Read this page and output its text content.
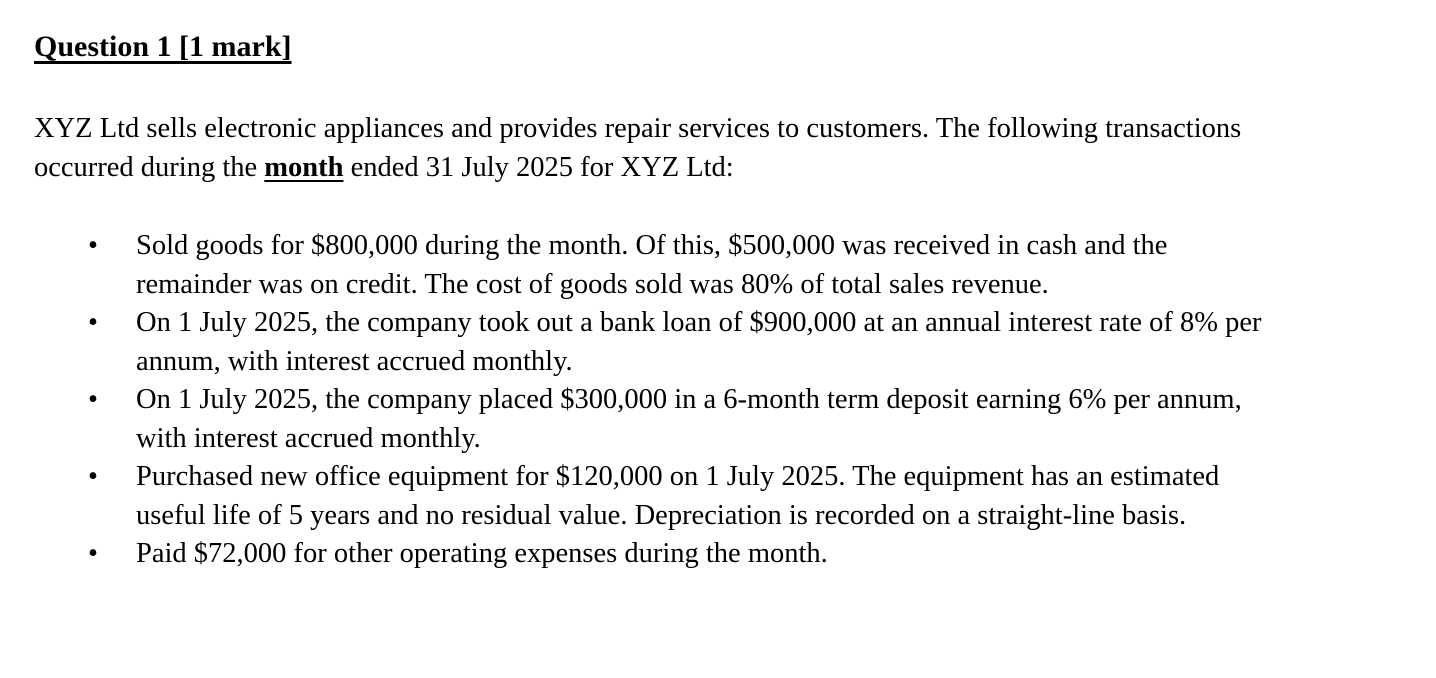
Question 1 [1 mark]

XYZ Ltd sells electronic appliances and provides repair services to customers. The following transactions occurred during the month ended 31 July 2025 for XYZ Ltd:

• Sold goods for $800,000 during the month. Of this, $500,000 was received in cash and the remainder was on credit. The cost of goods sold was 80% of total sales revenue.
• On 1 July 2025, the company took out a bank loan of $900,000 at an annual interest rate of 8% per annum, with interest accrued monthly.
• On 1 July 2025, the company placed $300,000 in a 6-month term deposit earning 6% per annum, with interest accrued monthly.
• Purchased new office equipment for $120,000 on 1 July 2025. The equipment has an estimated useful life of 5 years and no residual value. Depreciation is recorded on a straight-line basis.
• Paid $72,000 for other operating expenses during the month.
